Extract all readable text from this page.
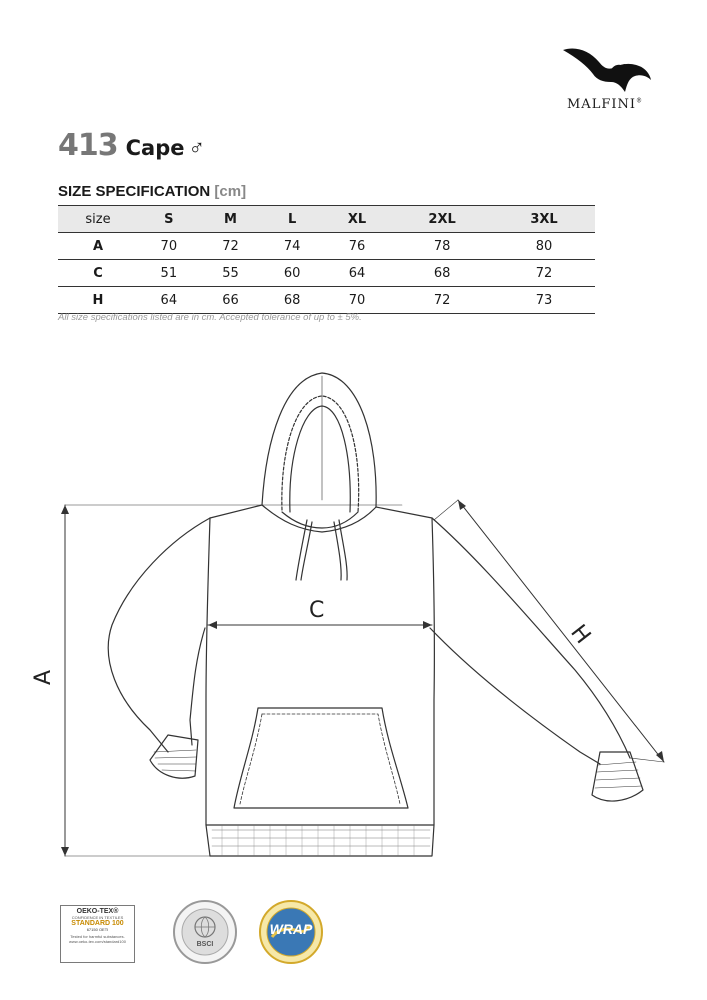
MALFINI®
413 Cape ♂
SIZE SPECIFICATION [cm]
size	S	M	L	XL	2XL	3XL
A	70	72	74	76	78	80
C	51	55	60	64	68	72
H	64	66	68	70	72	73
All size specifications listed are in cm. Accepted tolerance of up to ± 5%.
C
A
H
OEKO-TEX®
CONFIDENCE IN TEXTILES
STANDARD 100
67150 OETI
Tested for harmful substances. www.oeko-tex.com/standard100	BSCI
WRAP
